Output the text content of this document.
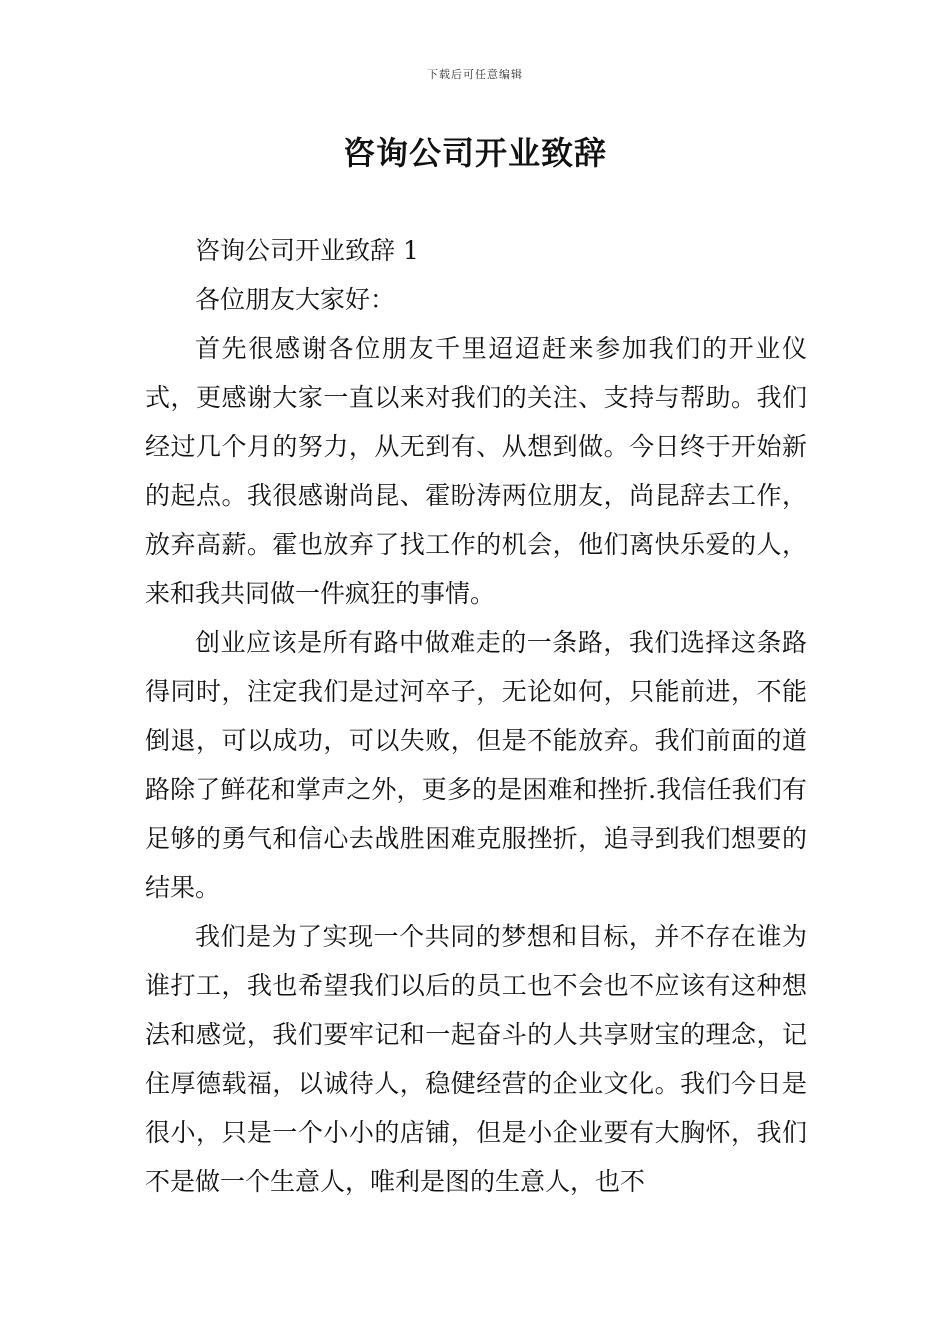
下载后可任意编辑
咨询公司开业致辞

咨询公司开业致辞 1

各位朋友大家好：

首先很感谢各位朋友千里迢迢赶来参加我们的开业仪式，更感谢大家一直以来对我们的关注、支持与帮助。我们经过几个月的努力，从无到有、从想到做。今日终于开始新的起点。我很感谢尚昆、霍盼涛两位朋友，尚昆辞去工作，放弃高薪。霍也放弃了找工作的机会，他们离快乐爱的人，来和我共同做一件疯狂的事情。

创业应该是所有路中做难走的一条路，我们选择这条路得同时，注定我们是过河卒子，无论如何，只能前进，不能倒退，可以成功，可以失败，但是不能放弃。我们前面的道路除了鲜花和掌声之外，更多的是困难和挫折.我信任我们有足够的勇气和信心去战胜困难克服挫折，追寻到我们想要的结果。

我们是为了实现一个共同的梦想和目标，并不存在谁为谁打工，我也希望我们以后的员工也不会也不应该有这种想法和感觉，我们要牢记和一起奋斗的人共享财宝的理念，记住厚德载福，以诚待人，稳健经营的企业文化。我们今日是很小，只是一个小小的店铺，但是小企业要有大胸怀，我们不是做一个生意人，唯利是图的生意人，也不
